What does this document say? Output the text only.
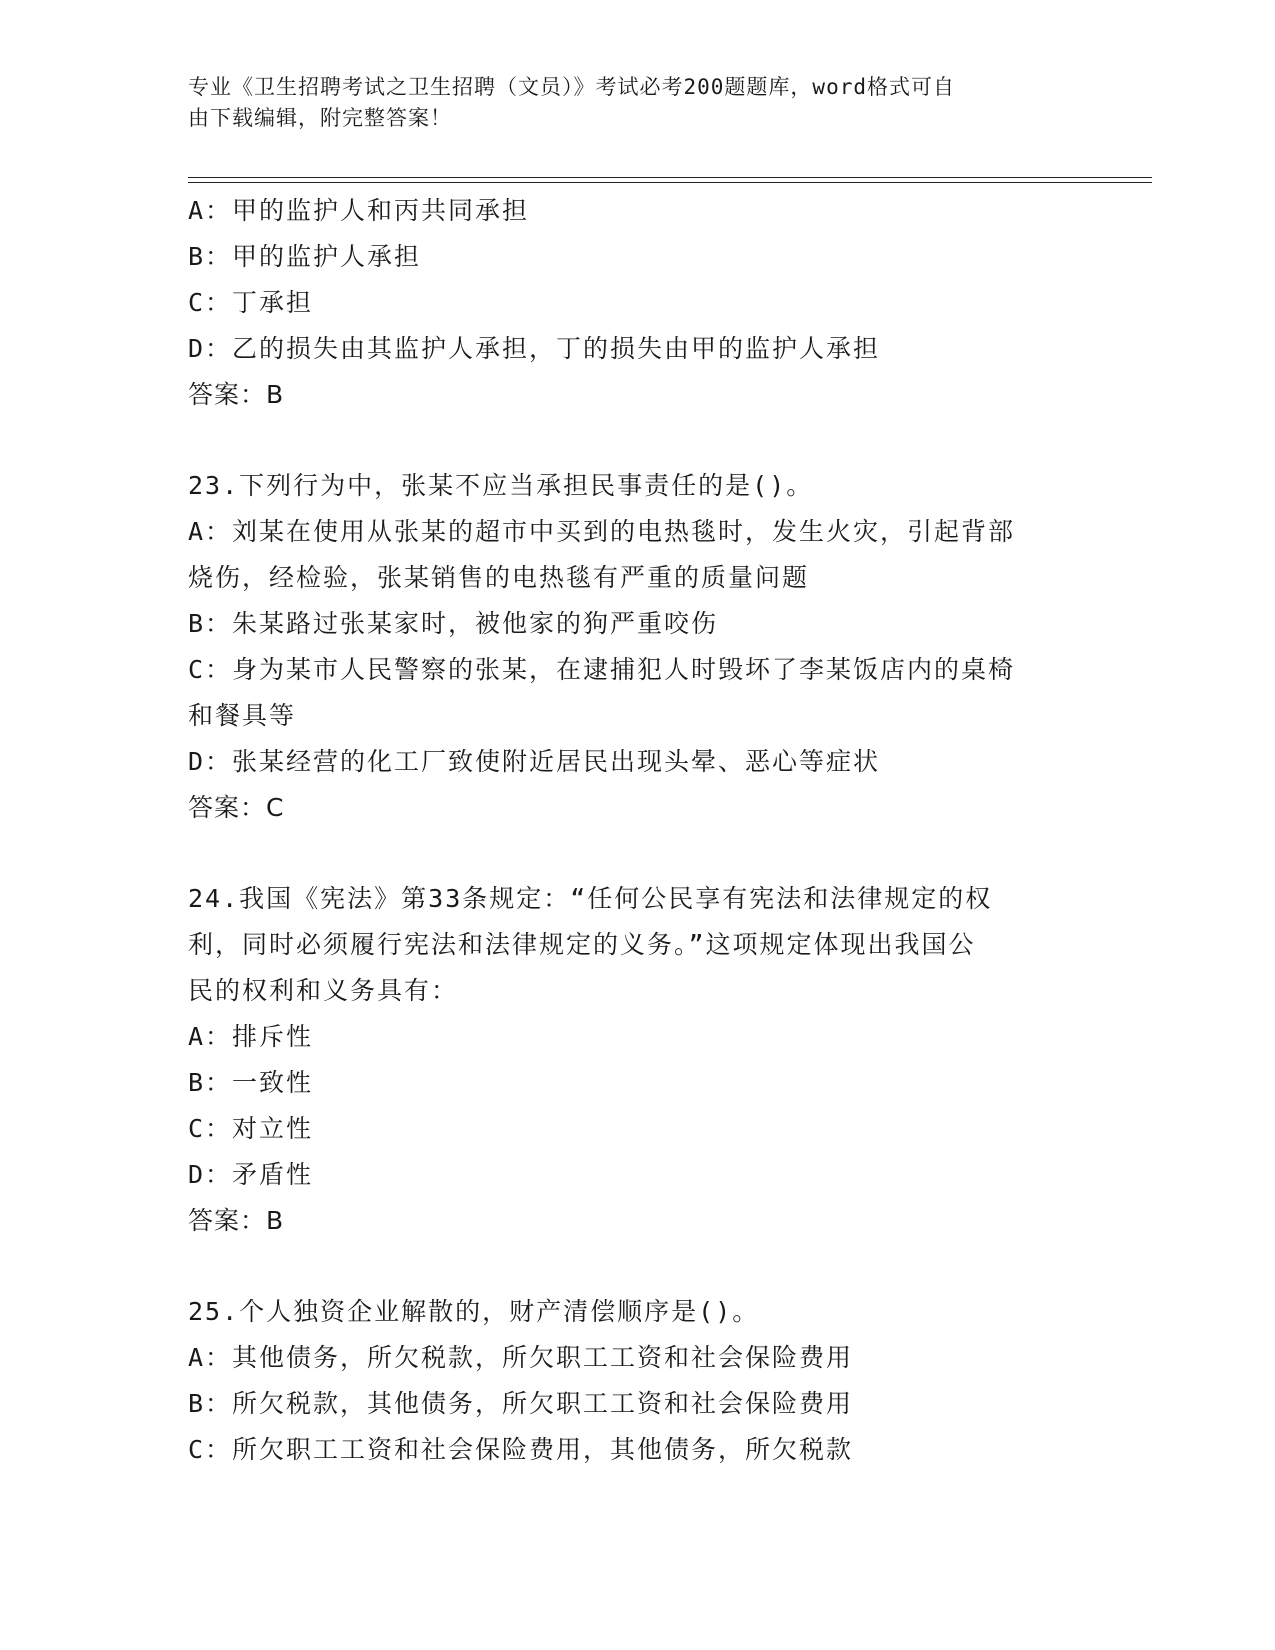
专业《卫生招聘考试之卫生招聘（文员）》考试必考200题题库，word格式可自
由下载编辑，附完整答案！
A：甲的监护人和丙共同承担
B：甲的监护人承担
C：丁承担
D：乙的损失由其监护人承担，丁的损失由甲的监护人承担
答案：B
23.下列行为中，张某不应当承担民事责任的是()。
A：刘某在使用从张某的超市中买到的电热毯时，发生火灾，引起背部
烧伤，经检验，张某销售的电热毯有严重的质量问题
B：朱某路过张某家时，被他家的狗严重咬伤
C：身为某市人民警察的张某，在逮捕犯人时毁坏了李某饭店内的桌椅
和餐具等
D：张某经营的化工厂致使附近居民出现头晕、恶心等症状
答案：C
24.我国《宪法》第33条规定：“任何公民享有宪法和法律规定的权
利，同时必须履行宪法和法律规定的义务。”这项规定体现出我国公
民的权利和义务具有：
A：排斥性
B：一致性
C：对立性
D：矛盾性
答案：B
25.个人独资企业解散的，财产清偿顺序是()。
A：其他债务，所欠税款，所欠职工工资和社会保险费用
B：所欠税款，其他债务，所欠职工工资和社会保险费用
C：所欠职工工资和社会保险费用，其他债务，所欠税款
